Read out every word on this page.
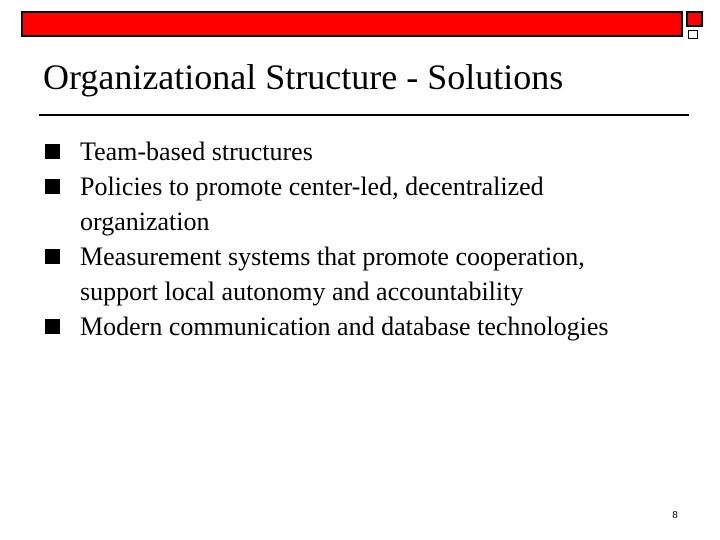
Organizational Structure - Solutions
Team-based structures
Policies to promote center-led, decentralized organization
Measurement systems that promote cooperation, support local autonomy and accountability
Modern communication and database technologies
8
